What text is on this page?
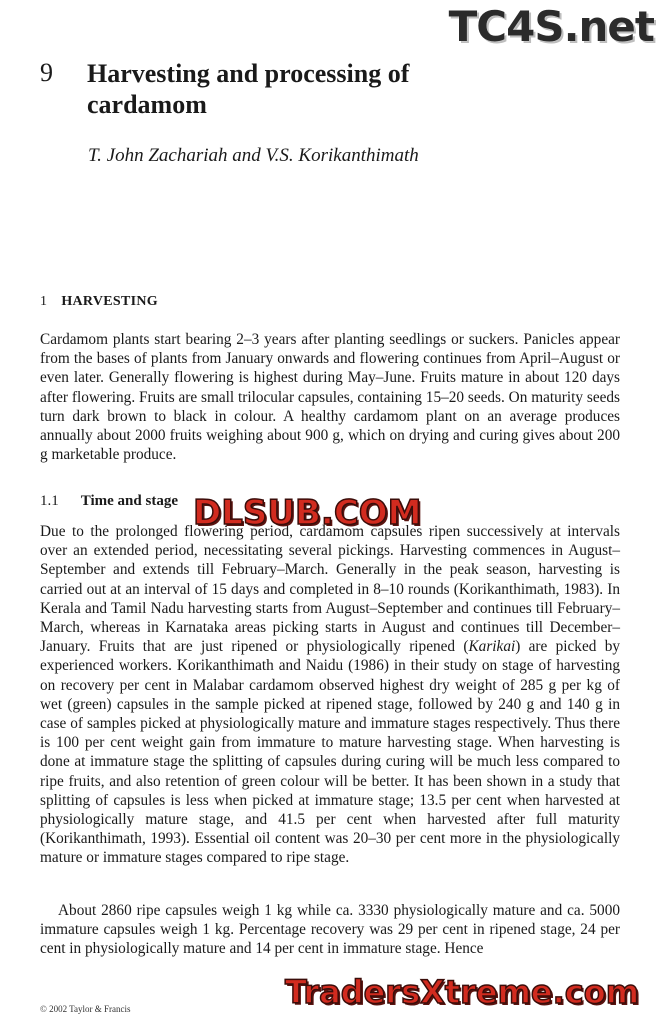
TC4S.net
9 Harvesting and processing of cardamom
T. John Zachariah and V.S. Korikanthimath
1 HARVESTING

Cardamom plants start bearing 2–3 years after planting seedlings or suckers. Panicles appear from the bases of plants from January onwards and flowering continues from April–August or even later. Generally flowering is highest during May–June. Fruits mature in about 120 days after flowering. Fruits are small trilocular capsules, containing 15–20 seeds. On maturity seeds turn dark brown to black in colour. A healthy cardamom plant on an average produces annually about 2000 fruits weighing about 900 g, which on drying and curing gives about 200 g marketable produce.

1.1 Time and stage

Due to the prolonged flowering period, cardamom capsules ripen successively at intervals over an extended period, necessitating several pickings. Harvesting commences in August–September and extends till February–March. Generally in the peak season, harvesting is carried out at an interval of 15 days and completed in 8–10 rounds (Korikanthimath, 1983). In Kerala and Tamil Nadu harvesting starts from August–September and continues till February–March, whereas in Karnataka areas picking starts in August and continues till December–January. Fruits that are just ripened or physiologically ripened (Karikai) are picked by experienced workers. Korikanthimath and Naidu (1986) in their study on stage of harvesting on recovery per cent in Malabar cardamom observed highest dry weight of 285 g per kg of wet (green) capsules in the sample picked at ripened stage, followed by 240 g and 140 g in case of samples picked at physiologically mature and immature stages respectively. Thus there is 100 per cent weight gain from immature to mature harvesting stage. When harvesting is done at immature stage the splitting of capsules during curing will be much less compared to ripe fruits, and also retention of green colour will be better. It has been shown in a study that splitting of capsules is less when picked at immature stage; 13.5 per cent when harvested at physiologically mature stage, and 41.5 per cent when harvested after full maturity (Korikanthimath, 1993). Essential oil content was 20–30 per cent more in the physiologically mature or immature stages compared to ripe stage.

About 2860 ripe capsules weigh 1 kg while ca. 3330 physiologically mature and ca. 5000 immature capsules weigh 1 kg. Percentage recovery was 29 per cent in ripened stage, 24 per cent in physiologically mature and 14 per cent in immature stage. Hence

DLSUB.COM
TradersXtreme.com
© 2002 Taylor & Francis
